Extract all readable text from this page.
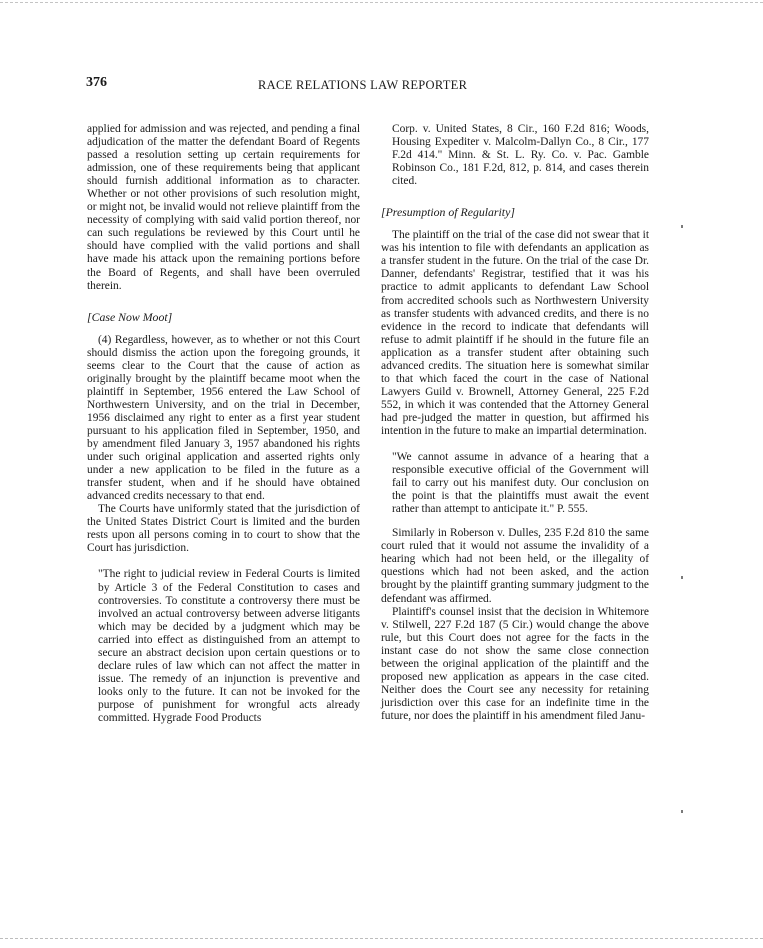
376	RACE RELATIONS LAW REPORTER

applied for admission and was rejected, and pending a final adjudication of the matter the defendant Board of Regents passed a resolution setting up certain requirements for admission, one of these requirements being that applicant should furnish additional information as to character. Whether or not other provisions of such resolution might, or might not, be invalid would not relieve plaintiff from the necessity of complying with said valid portion thereof, nor can such regulations be reviewed by this Court until he should have complied with the valid portions and shall have made his attack upon the remaining portions before the Board of Regents, and shall have been overruled therein.

[Case Now Moot]

(4) Regardless, however, as to whether or not this Court should dismiss the action upon the foregoing grounds, it seems clear to the Court that the cause of action as originally brought by the plaintiff became moot when the plaintiff in September, 1956 entered the Law School of Northwestern University, and on the trial in December, 1956 disclaimed any right to enter as a first year student pursuant to his application filed in September, 1950, and by amendment filed January 3, 1957 abandoned his rights under such original application and asserted rights only under a new application to be filed in the future as a transfer student, when and if he should have obtained advanced credits necessary to that end.

The Courts have uniformly stated that the jurisdiction of the United States District Court is limited and the burden rests upon all persons coming in to court to show that the Court has jurisdiction.

"The right to judicial review in Federal Courts is limited by Article 3 of the Federal Constitution to cases and controversies. To constitute a controversy there must be involved an actual controversy between adverse litigants which may be decided by a judgment which may be carried into effect as distinguished from an attempt to secure an abstract decision upon certain questions or to declare rules of law which can not affect the matter in issue. The remedy of an injunction is preventive and looks only to the future. It can not be invoked for the purpose of punishment for wrongful acts already committed. Hygrade Food Products

Corp. v. United States, 8 Cir., 160 F.2d 816; Woods, Housing Expediter v. Malcolm-Dallyn Co., 8 Cir., 177 F.2d 414." Minn. & St. L. Ry. Co. v. Pac. Gamble Robinson Co., 181 F.2d, 812, p. 814, and cases therein cited.

[Presumption of Regularity]

The plaintiff on the trial of the case did not swear that it was his intention to file with defendants an application as a transfer student in the future. On the trial of the case Dr. Danner, defendants' Registrar, testified that it was his practice to admit applicants to defendant Law School from accredited schools such as Northwestern University as transfer students with advanced credits, and there is no evidence in the record to indicate that defendants will refuse to admit plaintiff if he should in the future file an application as a transfer student after obtaining such advanced credits. The situation here is somewhat similar to that which faced the court in the case of National Lawyers Guild v. Brownell, Attorney General, 225 F.2d 552, in which it was contended that the Attorney General had pre-judged the matter in question, but affirmed his intention in the future to make an impartial determination.

"We cannot assume in advance of a hearing that a responsible executive official of the Government will fail to carry out his manifest duty. Our conclusion on the point is that the plaintiffs must await the event rather than attempt to anticipate it." P. 555.

Similarly in Roberson v. Dulles, 235 F.2d 810 the same court ruled that it would not assume the invalidity of a hearing which had not been held, or the illegality of questions which had not been asked, and the action brought by the plaintiff granting summary judgment to the defendant was affirmed.

Plaintiff's counsel insist that the decision in Whitemore v. Stilwell, 227 F.2d 187 (5 Cir.) would change the above rule, but this Court does not agree for the facts in the instant case do not show the same close connection between the original application of the plaintiff and the proposed new application as appears in the case cited. Neither does the Court see any necessity for retaining jurisdiction over this case for an indefinite time in the future, nor does the plaintiff in his amendment filed Janu-
